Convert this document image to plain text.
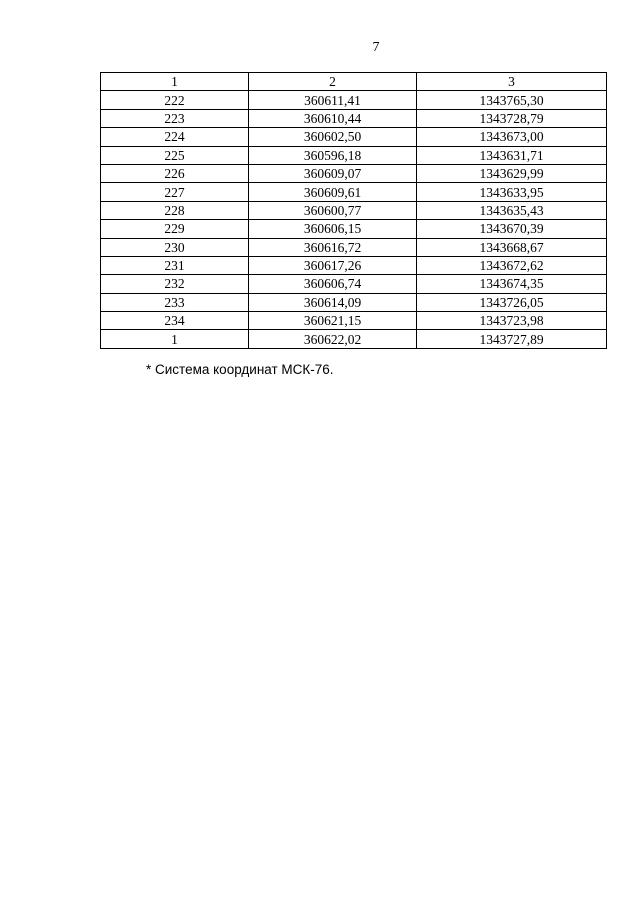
7
1	2	3
222	360611,41	1343765,30
223	360610,44	1343728,79
224	360602,50	1343673,00
225	360596,18	1343631,71
226	360609,07	1343629,99
227	360609,61	1343633,95
228	360600,77	1343635,43
229	360606,15	1343670,39
230	360616,72	1343668,67
231	360617,26	1343672,62
232	360606,74	1343674,35
233	360614,09	1343726,05
234	360621,15	1343723,98
1	360622,02	1343727,89
* Система координат МСК-76.
